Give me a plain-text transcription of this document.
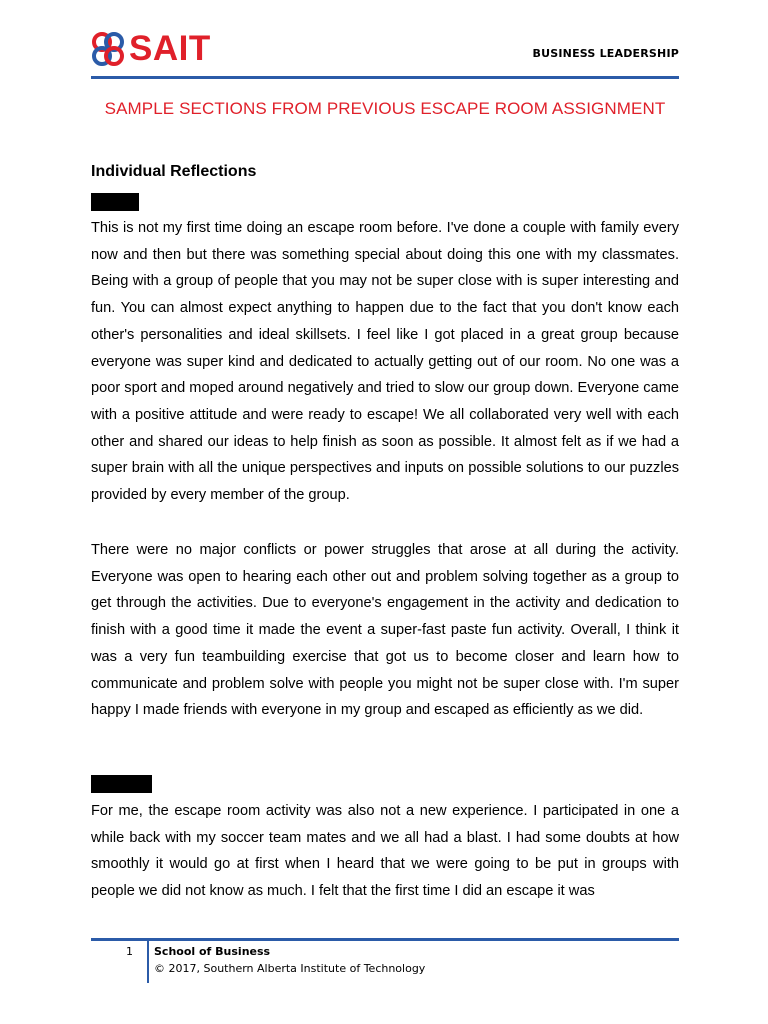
SAIT	BUSINESS LEADERSHIP
SAMPLE SECTIONS FROM PREVIOUS ESCAPE ROOM ASSIGNMENT
Individual Reflections

This is not my first time doing an escape room before. I've done a couple with family every now and then but there was something special about doing this one with my classmates. Being with a group of people that you may not be super close with is super interesting and fun. You can almost expect anything to happen due to the fact that you don't know each other's personalities and ideal skillsets. I feel like I got placed in a great group because everyone was super kind and dedicated to actually getting out of our room. No one was a poor sport and moped around negatively and tried to slow our group down. Everyone came with a positive attitude and were ready to escape! We all collaborated very well with each other and shared our ideas to help finish as soon as possible. It almost felt as if we had a super brain with all the unique perspectives and inputs on possible solutions to our puzzles provided by every member of the group.

There were no major conflicts or power struggles that arose at all during the activity. Everyone was open to hearing each other out and problem solving together as a group to get through the activities. Due to everyone's engagement in the activity and dedication to finish with a good time it made the event a super-fast paste fun activity. Overall, I think it was a very fun teambuilding exercise that got us to become closer and learn how to communicate and problem solve with people you might not be super close with. I'm super happy I made friends with everyone in my group and escaped as efficiently as we did.

For me, the escape room activity was also not a new experience. I participated in one a while back with my soccer team mates and we all had a blast. I had some doubts at how smoothly it would go at first when I heard that we were going to be put in groups with people we did not know as much. I felt that the first time I did an escape it was

1 School of Business
© 2017, Southern Alberta Institute of Technology
